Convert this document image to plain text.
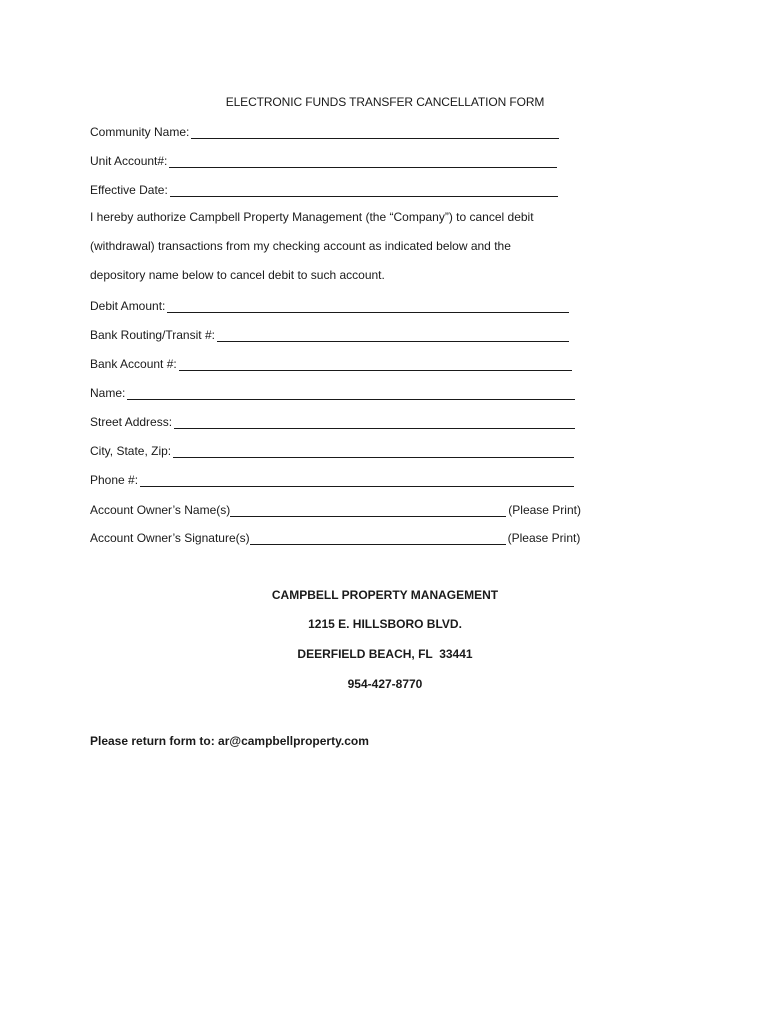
ELECTRONIC FUNDS TRANSFER CANCELLATION FORM
Community Name:
Unit Account#:
Effective Date:
I hereby authorize Campbell Property Management (the “Company”) to cancel debit
(withdrawal) transactions from my checking account as indicated below and the
depository name below to cancel debit to such account.
Debit Amount:
Bank Routing/Transit #:
Bank Account #:
Name:
Street Address:
City, State, Zip:
Phone #:
Account Owner’s Name(s)	(Please Print)
Account Owner’s Signature(s)	(Please Print)
CAMPBELL PROPERTY MANAGEMENT
1215 E. HILLSBORO BLVD.
DEERFIELD BEACH, FL  33441
954-427-8770
Please return form to: ar@campbellproperty.com
